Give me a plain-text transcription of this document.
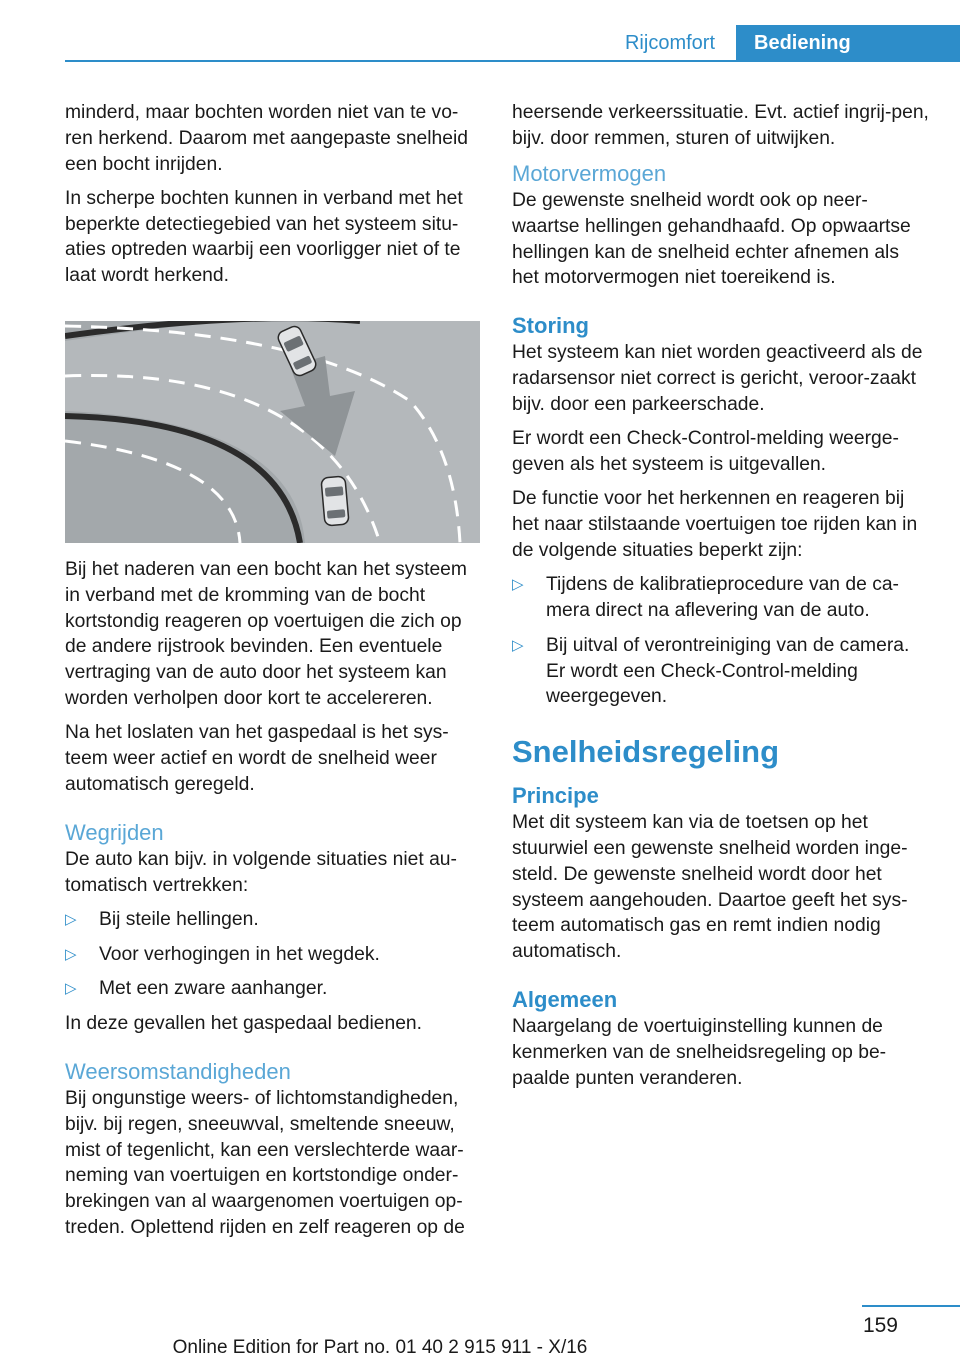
Rijcomfort	Bediening

minderd, maar bochten worden niet van te vo‐ren herkend. Daarom met aangepaste snelheid een bocht inrijden.

In scherpe bochten kunnen in verband met het beperkte detectiegebied van het systeem situ‐aties optreden waarbij een voorligger niet of te laat wordt herkend.

Bij het naderen van een bocht kan het systeem in verband met de kromming van de bocht kortstondig reageren op voertuigen die zich op de andere rijstrook bevinden. Een eventuele vertraging van de auto door het systeem kan worden verholpen door kort te accelereren.

Na het loslaten van het gaspedaal is het sys‐teem weer actief en wordt de snelheid weer automatisch geregeld.

Wegrijden

De auto kan bijv. in volgende situaties niet au‐tomatisch vertrekken:

▷ Bij steile hellingen.
▷ Voor verhogingen in het wegdek.
▷ Met een zware aanhanger.

In deze gevallen het gaspedaal bedienen.

Weersomstandigheden

Bij ongunstige weers- of lichtomstandigheden, bijv. bij regen, sneeuwval, smeltende sneeuw, mist of tegenlicht, kan een verslechterde waar‐neming van voertuigen en kortstondige onder‐brekingen van al waargenomen voertuigen op‐treden. Oplettend rijden en zelf reageren op de

heersende verkeerssituatie. Evt. actief ingrij‐pen, bijv. door remmen, sturen of uitwijken.

Motorvermogen

De gewenste snelheid wordt ook op neer‐waartse hellingen gehandhaafd. Op opwaartse hellingen kan de snelheid echter afnemen als het motorvermogen niet toereikend is.

Storing

Het systeem kan niet worden geactiveerd als de radarsensor niet correct is gericht, veroor‐zaakt bijv. door een parkeerschade.

Er wordt een Check-Control-melding weerge‐geven als het systeem is uitgevallen.

De functie voor het herkennen en reageren bij het naar stilstaande voertuigen toe rijden kan in de volgende situaties beperkt zijn:

▷ Tijdens de kalibratieprocedure van de ca‐mera direct na aflevering van de auto.
▷ Bij uitval of verontreiniging van de camera. Er wordt een Check-Control-melding weergegeven.
Snelheidsregeling
Principe

Met dit systeem kan via de toetsen op het stuurwiel een gewenste snelheid worden inge‐steld. De gewenste snelheid wordt door het systeem aangehouden. Daartoe geeft het sys‐teem automatisch gas en remt indien nodig automatisch.

Algemeen

Naargelang de voertuiginstelling kunnen de kenmerken van de snelheidsregeling op be‐paalde punten veranderen.

159
Online Edition for Part no. 01 40 2 915 911 - X/16
